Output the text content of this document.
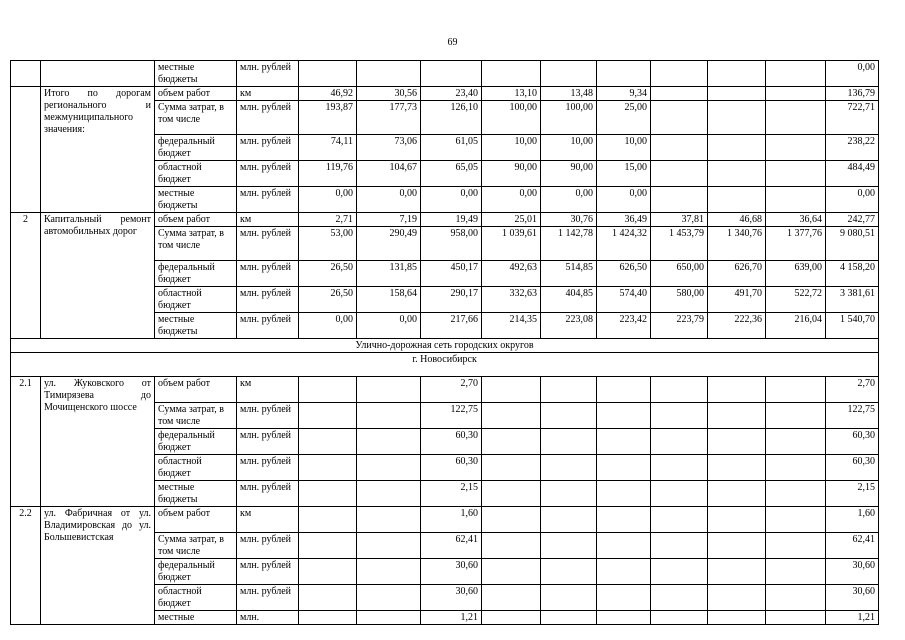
69
		местные бюджеты	млн. рублей										0,00
	Итого по дорогам регионального и межмуниципального значения:	объем работ	км	46,92	30,56	23,40	13,10	13,48	9,34				136,79
		Сумма затрат, в том числе	млн. рублей	193,87	177,73	126,10	100,00	100,00	25,00				722,71
		федеральный бюджет	млн. рублей	74,11	73,06	61,05	10,00	10,00	10,00				238,22
		областной бюджет	млн. рублей	119,76	104,67	65,05	90,00	90,00	15,00				484,49
		местные бюджеты	млн. рублей	0,00	0,00	0,00	0,00	0,00	0,00				0,00
2	Капитальный ремонт автомобильных дорог	объем работ	км	2,71	7,19	19,49	25,01	30,76	36,49	37,81	46,68	36,64	242,77
		Сумма затрат, в том числе	млн. рублей	53,00	290,49	958,00	1 039,61	1 142,78	1 424,32	1 453,79	1 340,76	1 377,76	9 080,51
		федеральный бюджет	млн. рублей	26,50	131,85	450,17	492,63	514,85	626,50	650,00	626,70	639,00	4 158,20
		областной бюджет	млн. рублей	26,50	158,64	290,17	332,63	404,85	574,40	580,00	491,70	522,72	3 381,61
		местные бюджеты	млн. рублей	0,00	0,00	217,66	214,35	223,08	223,42	223,79	222,36	216,04	1 540,70
Улично-дорожная сеть городских округов													
г. Новосибирск													
2.1	ул. Жуковского от Тимирязева до Мочищенского шоссе	объем работ	км			2,70							2,70
		Сумма затрат, в том числе	млн. рублей			122,75							122,75
		федеральный бюджет	млн. рублей			60,30							60,30
		областной бюджет	млн. рублей			60,30							60,30
		местные бюджеты	млн. рублей			2,15							2,15
2.2	ул. Фабричная от ул. Владимировская до ул. Большевистская	объем работ	км			1,60							1,60
		Сумма затрат, в том числе	млн. рублей			62,41							62,41
		федеральный бюджет	млн. рублей			30,60							30,60
		областной бюджет	млн. рублей			30,60							30,60
		местные	млн.			1,21							1,21
